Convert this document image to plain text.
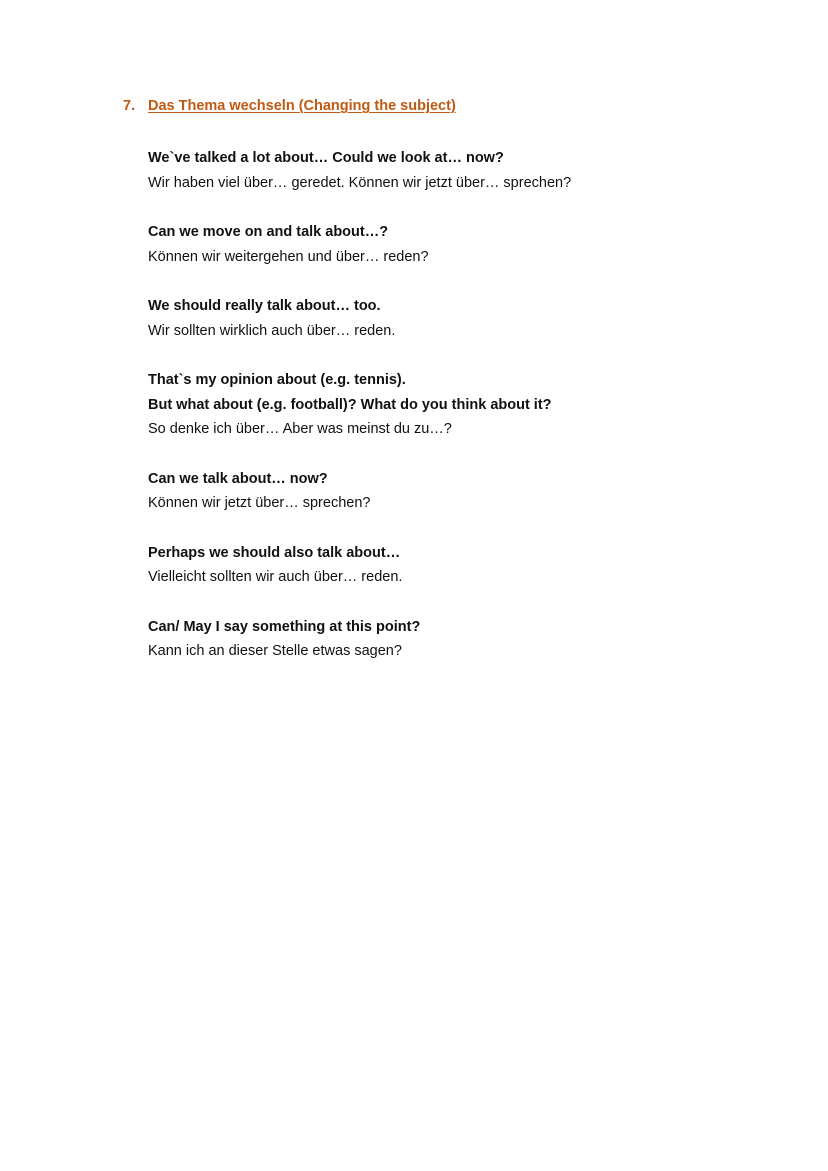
7. Das Thema wechseln (Changing the subject)
We`ve talked a lot about… Could we look at… now?
Wir haben viel über… geredet. Können wir jetzt über… sprechen?
Can we move on and talk about…?
Können wir weitergehen und über… reden?
We should really talk about… too.
Wir sollten wirklich auch über… reden.
That`s my opinion about (e.g. tennis).
But what about (e.g. football)? What do you think about it?
So denke ich über… Aber was meinst du zu…?
Can we talk about… now?
Können wir jetzt über… sprechen?
Perhaps we should also talk about…
Vielleicht sollten wir auch über… reden.
Can/ May I say something at this point?
Kann ich an dieser Stelle etwas sagen?
